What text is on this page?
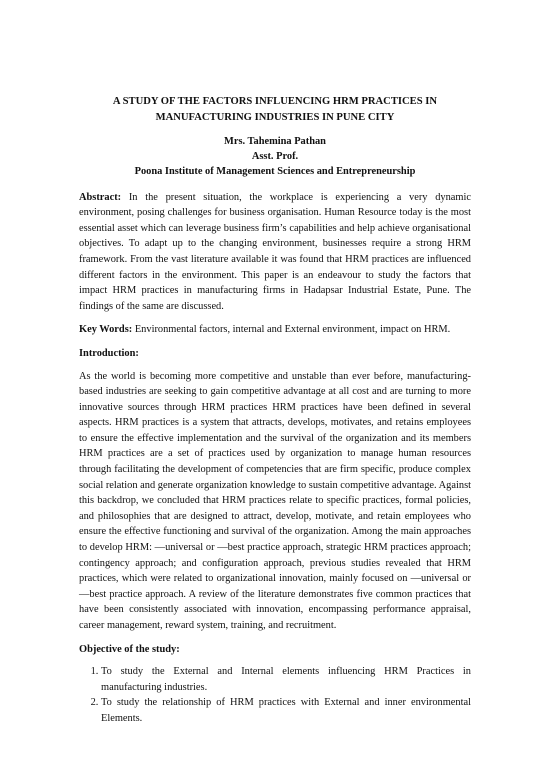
A STUDY OF THE FACTORS INFLUENCING HRM PRACTICES IN
MANUFACTURING INDUSTRIES IN PUNE CITY
Mrs. Tahemina Pathan
Asst. Prof.
Poona Institute of Management Sciences and Entrepreneurship

Abstract: In the present situation, the workplace is experiencing a very dynamic environment, posing challenges for business organisation. Human Resource today is the most essential asset which can leverage business firm’s capabilities and help achieve organisational objectives. To adapt up to the changing environment, businesses require a strong HRM framework. From the vast literature available it was found that HRM practices are influenced different factors in the environment. This paper is an endeavour to study the factors that impact HRM practices in manufacturing firms in Hadapsar Industrial Estate, Pune. The findings of the same are discussed.

Key Words: Environmental factors, internal and External environment, impact on HRM.

Introduction:

As the world is becoming more competitive and unstable than ever before, manufacturing-based industries are seeking to gain competitive advantage at all cost and are turning to more innovative sources through HRM practices HRM practices have been defined in several aspects. HRM practices is a system that attracts, develops, motivates, and retains employees to ensure the effective implementation and the survival of the organization and its members HRM practices are a set of practices used by organization to manage human resources through facilitating the development of competencies that are firm specific, produce complex social relation and generate organization knowledge to sustain competitive advantage. Against this backdrop, we concluded that HRM practices relate to specific practices, formal policies, and philosophies that are designed to attract, develop, motivate, and retain employees who ensure the effective functioning and survival of the organization. Among the main approaches to develop HRM: ―universal or ―best practice approach, strategic HRM practices approach; contingency approach; and configuration approach, previous studies revealed that HRM practices, which were related to organizational innovation, mainly focused on ―universal or ―best practice approach. A review of the literature demonstrates five common practices that have been consistently associated with innovation, encompassing performance appraisal, career management, reward system, training, and recruitment.

Objective of the study:
1. To study the External and Internal elements influencing HRM Practices in manufacturing industries.
2. To study the relationship of HRM practices with External and inner environmental Elements.
